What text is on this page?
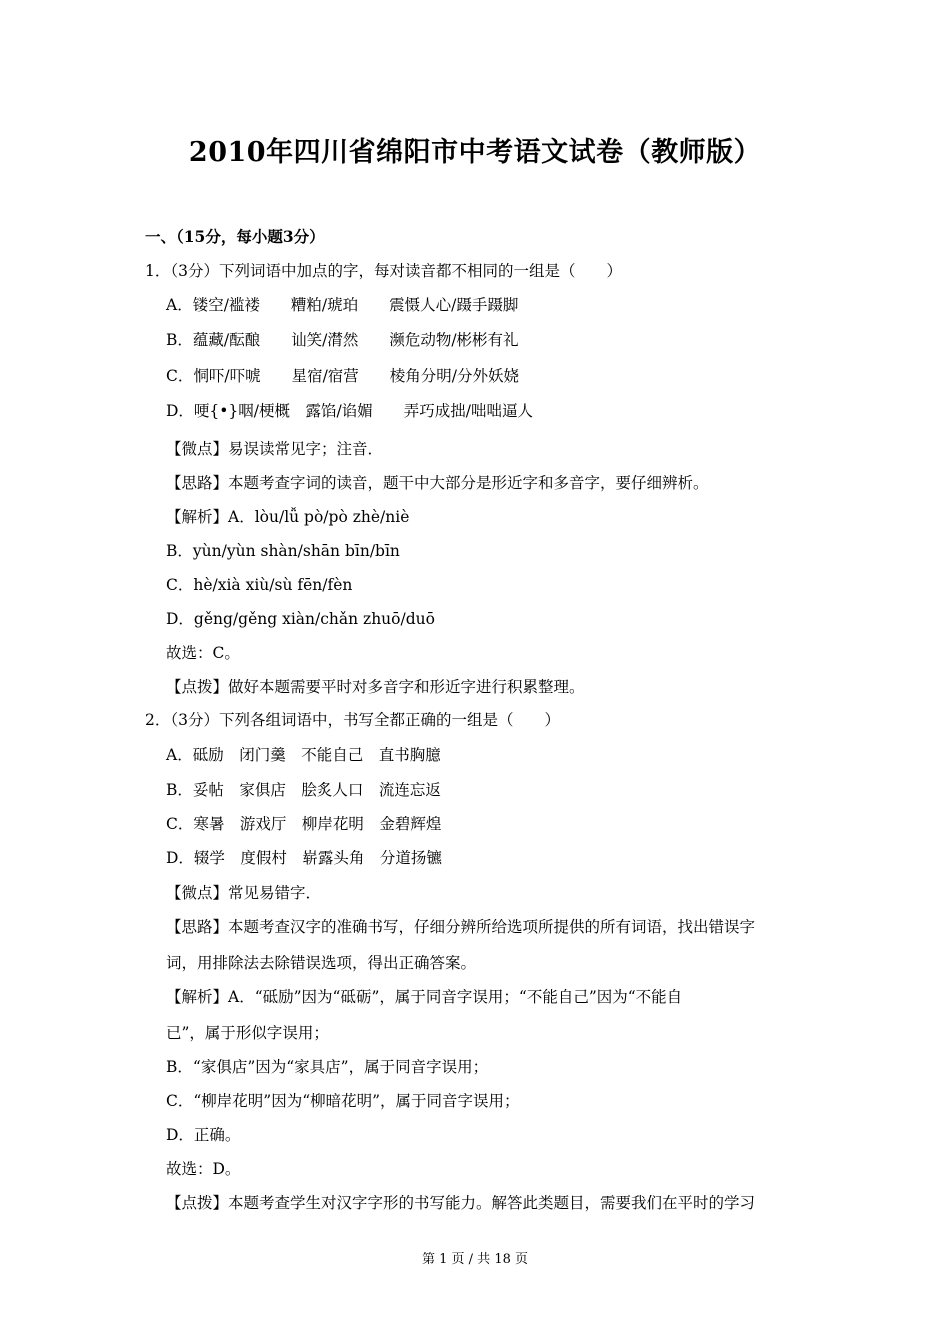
2010年四川省绵阳市中考语文试卷（教师版）
一、（15分，每小题3分）
1．（3分）下列词语中加点的字，每对读音都不相同的一组是（　　）
A．镂空/褴褛　　糟粕/琥珀　　震慑人心/蹑手蹑脚
B．蕴藏/酝酿　　讪笑/潸然　　濒危动物/彬彬有礼
C．恫吓/吓唬　　星宿/宿营　　棱角分明/分外妖娆
D．哽{•}咽/梗概　露馅/谄媚　　弄巧成拙/咄咄逼人
【微点】易误读常见字；注音．
【思路】本题考查字词的读音，题干中大部分是形近字和多音字，要仔细辨析。
【解析】A．lòu/lǚ pò/pò zhè/niè
B．yùn/yùn shàn/shān bīn/bīn
C．hè/xià xiù/sù fēn/fèn
D．gěng/gěng xiàn/chǎn zhuō/duō
故选：C。
【点拨】做好本题需要平时对多音字和形近字进行积累整理。
2．（3分）下列各组词语中，书写全都正确的一组是（　　）
A．砥励　闭门羹　不能自己　直书胸臆
B．妥帖　家俱店　脍炙人口　流连忘返
C．寒暑　游戏厅　柳岸花明　金碧辉煌
D．辍学　度假村　崭露头角　分道扬镳
【微点】常见易错字．
【思路】本题考查汉字的准确书写，仔细分辨所给选项所提供的所有词语，找出错误字
词，用排除法去除错误选项，得出正确答案。
【解析】A．“砥励”因为“砥砺”，属于同音字误用；“不能自己”因为“不能自
已”，属于形似字误用；
B．“家俱店”因为“家具店”，属于同音字误用；
C．“柳岸花明”因为“柳暗花明”，属于同音字误用；
D．正确。
故选：D。
【点拨】本题考查学生对汉字字形的书写能力。解答此类题目，需要我们在平时的学习
第 1 页 / 共 18 页
